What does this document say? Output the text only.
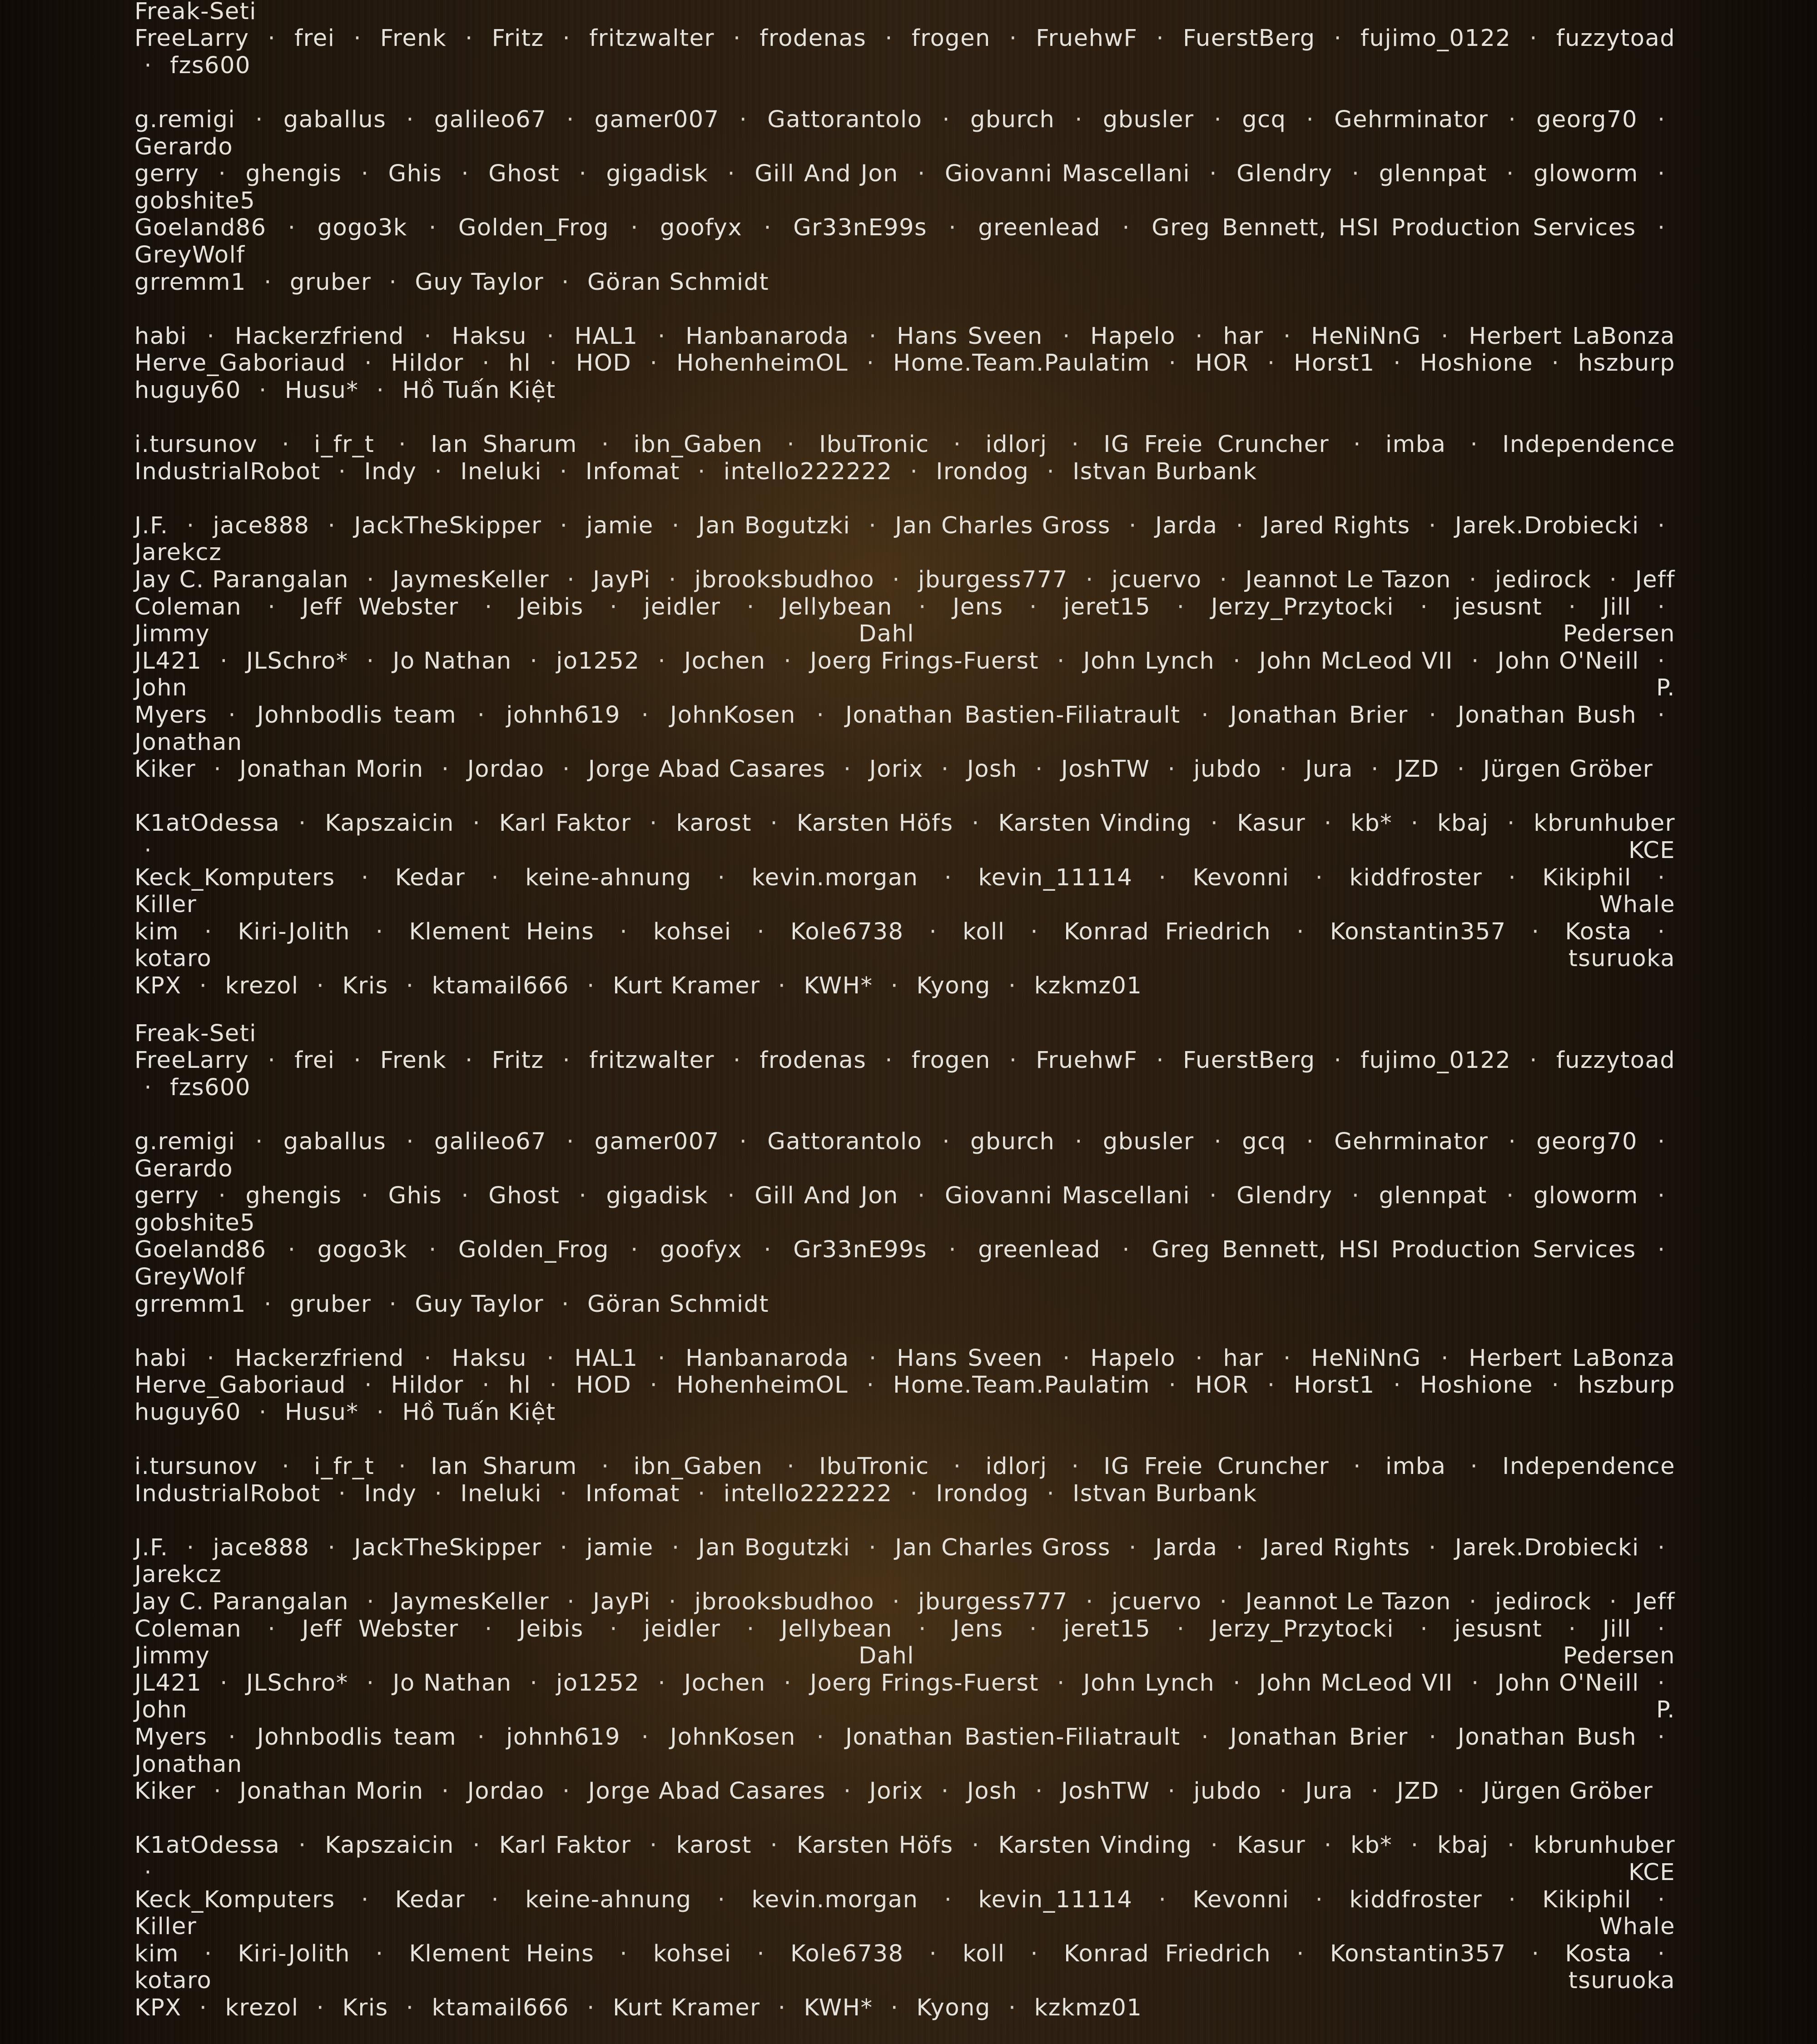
Freak-Seti
FreeLarry · frei · Frenk · Fritz · fritzwalter · frodenas · frogen · FruehwF · FuerstBerg · fujimo_0122 · fuzzytoad · fzs600
g.remigi · gaballus · galileo67 · gamer007 · Gattorantolo · gburch · gbusler · gcq · Gehrminator · georg70 · Gerardo
gerry · ghengis · Ghis · Ghost · gigadisk · Gill And Jon · Giovanni Mascellani · Glendry · glennpat · gloworm · gobshite5
Goeland86 · gogo3k · Golden_Frog · goofyx · Gr33nE99s · greenlead · Greg Bennett, HSI Production Services · GreyWolf
grremm1 · gruber · Guy Taylor · Göran Schmidt
habi · Hackerzfriend · Haksu · HAL1 · Hanbanaroda · Hans Sveen · Hapelo · har · HeNiNnG · Herbert LaBonza
Herve_Gaboriaud · Hildor · hl · HOD · HohenheimOL · Home.Team.Paulatim · HOR · Horst1 · Hoshione · hszburp
huguy60 · Husu* · Hồ Tuấn Kiệt
i.tursunov · i_fr_t · Ian Sharum · ibn_Gaben · IbuTronic · idlorj · IG Freie Cruncher · imba · Independence
IndustrialRobot · Indy · Ineluki · Infomat · intello222222 · Irondog · Istvan Burbank
J.F. · jace888 · JackTheSkipper · jamie · Jan Bogutzki · Jan Charles Gross · Jarda · Jared Rights · Jarek.Drobiecki · Jarekcz
Jay C. Parangalan · JaymesKeller · JayPi · jbrooksbudhoo · jburgess777 · jcuervo · Jeannot Le Tazon · jedirock · Jeff
Coleman · Jeff Webster · Jeibis · jeidler · Jellybean · Jens · jeret15 · Jerzy_Przytocki · jesusnt · Jill · Jimmy Dahl Pedersen
JL421 · JLSchro* · Jo Nathan · jo1252 · Jochen · Joerg Frings-Fuerst · John Lynch · John McLeod VII · John O'Neill · John P.
Myers · Johnbodlis team · johnh619 · JohnKosen · Jonathan Bastien-Filiatrault · Jonathan Brier · Jonathan Bush · Jonathan
Kiker · Jonathan Morin · Jordao · Jorge Abad Casares · Jorix · Josh · JoshTW · jubdo · Jura · JZD · Jürgen Gröber
K1atOdessa · Kapszaicin · Karl Faktor · karost · Karsten Höfs · Karsten Vinding · Kasur · kb* · kbaj · kbrunhuber ·	KCE
Keck_Komputers · Kedar · keine-ahnung · kevin.morgan · kevin_11114 · Kevonni · kiddfroster · Kikiphil · Killer Whale
kim · Kiri-Jolith · Klement Heins · kohsei · Kole6738 · koll · Konrad Friedrich · Konstantin357 · Kosta · kotaro tsuruoka
KPX · krezol · Kris · ktamail666 · Kurt Kramer · KWH* · Kyong · kzkmz01
Freak-Seti
FreeLarry · frei · Frenk · Fritz · fritzwalter · frodenas · frogen · FruehwF · FuerstBerg · fujimo_0122 · fuzzytoad · fzs600
g.remigi · gaballus · galileo67 · gamer007 · Gattorantolo · gburch · gbusler · gcq · Gehrminator · georg70 · Gerardo
gerry · ghengis · Ghis · Ghost · gigadisk · Gill And Jon · Giovanni Mascellani · Glendry · glennpat · gloworm · gobshite5
Goeland86 · gogo3k · Golden_Frog · goofyx · Gr33nE99s · greenlead · Greg Bennett, HSI Production Services · GreyWolf
grremm1 · gruber · Guy Taylor · Göran Schmidt
habi · Hackerzfriend · Haksu · HAL1 · Hanbanaroda · Hans Sveen · Hapelo · har · HeNiNnG · Herbert LaBonza
Herve_Gaboriaud · Hildor · hl · HOD · HohenheimOL · Home.Team.Paulatim · HOR · Horst1 · Hoshione · hszburp
huguy60 · Husu* · Hồ Tuấn Kiệt
i.tursunov · i_fr_t · Ian Sharum · ibn_Gaben · IbuTronic · idlorj · IG Freie Cruncher · imba · Independence
IndustrialRobot · Indy · Ineluki · Infomat · intello222222 · Irondog · Istvan Burbank
J.F. · jace888 · JackTheSkipper · jamie · Jan Bogutzki · Jan Charles Gross · Jarda · Jared Rights · Jarek.Drobiecki · Jarekcz
Jay C. Parangalan · JaymesKeller · JayPi · jbrooksbudhoo · jburgess777 · jcuervo · Jeannot Le Tazon · jedirock · Jeff
Coleman · Jeff Webster · Jeibis · jeidler · Jellybean · Jens · jeret15 · Jerzy_Przytocki · jesusnt · Jill · Jimmy Dahl Pedersen
JL421 · JLSchro* · Jo Nathan · jo1252 · Jochen · Joerg Frings-Fuerst · John Lynch · John McLeod VII · John O'Neill · John P.
Myers · Johnbodlis team · johnh619 · JohnKosen · Jonathan Bastien-Filiatrault · Jonathan Brier · Jonathan Bush · Jonathan
Kiker · Jonathan Morin · Jordao · Jorge Abad Casares · Jorix · Josh · JoshTW · jubdo · Jura · JZD · Jürgen Gröber
K1atOdessa · Kapszaicin · Karl Faktor · karost · Karsten Höfs · Karsten Vinding · Kasur · kb* · kbaj · kbrunhuber ·	KCE
Keck_Komputers · Kedar · keine-ahnung · kevin.morgan · kevin_11114 · Kevonni · kiddfroster · Kikiphil · Killer Whale
kim · Kiri-Jolith · Klement Heins · kohsei · Kole6738 · koll · Konrad Friedrich · Konstantin357 · Kosta · kotaro tsuruoka
KPX · krezol · Kris · ktamail666 · Kurt Kramer · KWH* · Kyong · kzkmz01
